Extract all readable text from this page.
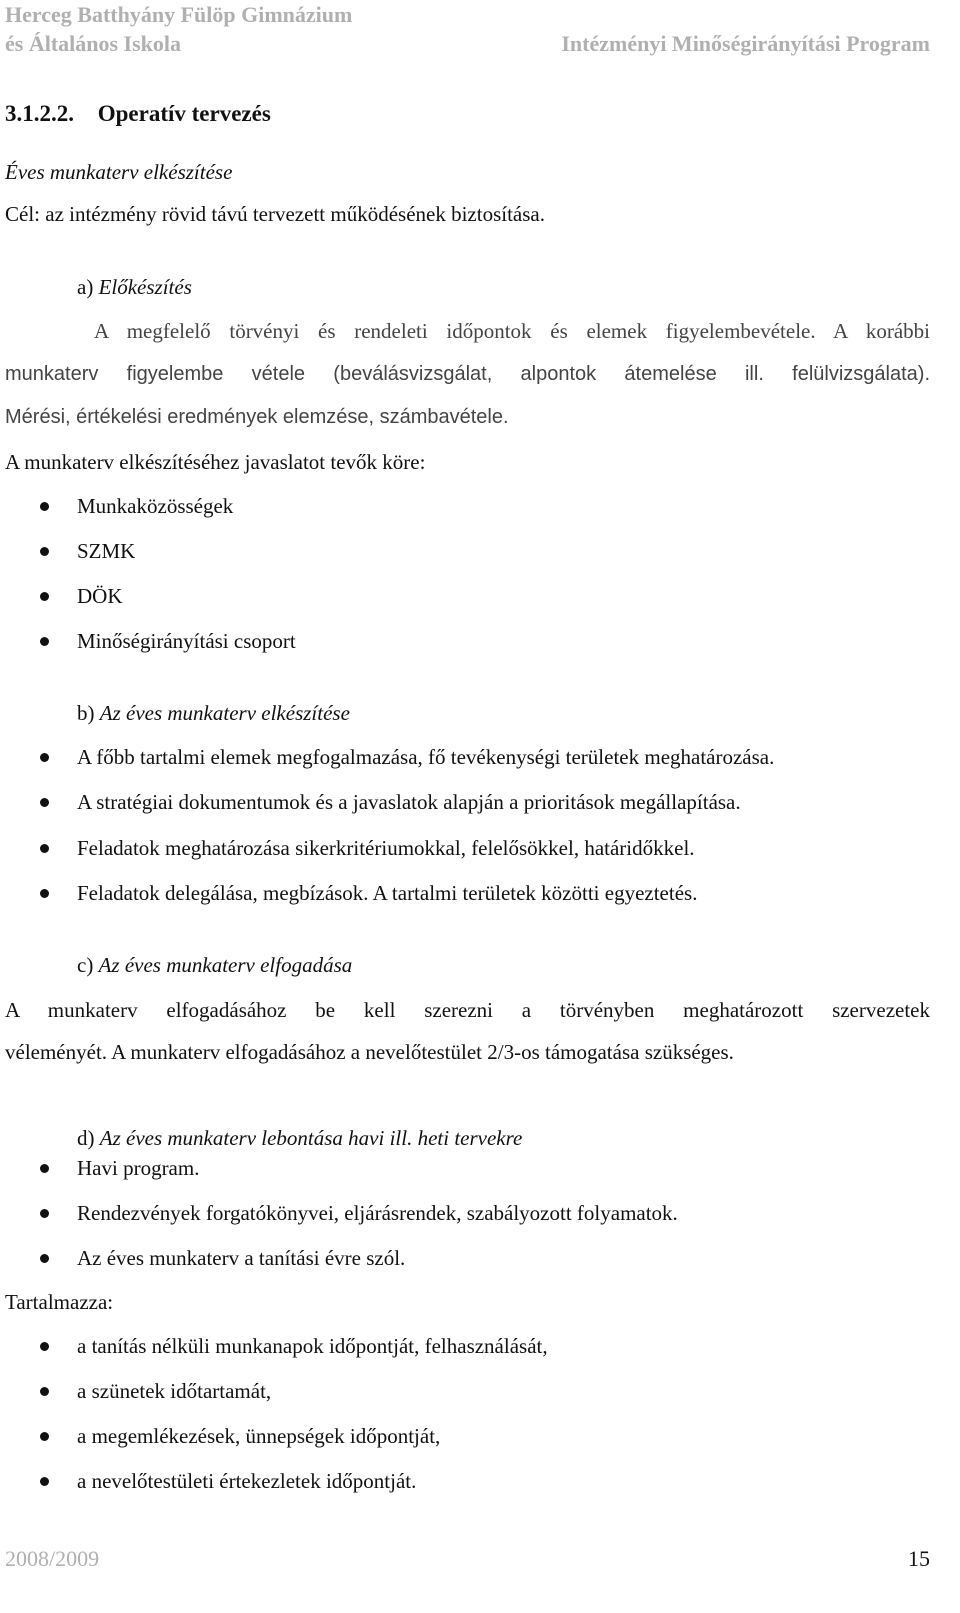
Herceg Batthyány Fülöp Gimnázium
és Általános Iskola	Intézményi Minőségirányítási Program
3.1.2.2. Operatív tervezés
Éves munkaterv elkészítése
Cél: az intézmény rövid távú tervezett működésének biztosítása.
a) Előkészítés
A megfelelő törvényi és rendeleti időpontok és elemek figyelembevétele. A korábbi
munkaterv figyelembe vétele (beválásvizsgálat, alpontok átemelése ill. felülvizsgálata).
Mérési, értékelési eredmények elemzése, számbavétele.
A munkaterv elkészítéséhez javaslatot tevők köre:
Munkaközösségek
SZMK
DÖK
Minőségirányítási csoport
b) Az éves munkaterv elkészítése
A főbb tartalmi elemek megfogalmazása, fő tevékenységi területek meghatározása.
A stratégiai dokumentumok és a javaslatok alapján a prioritások megállapítása.
Feladatok meghatározása sikerkritériumokkal, felelősökkel, határidőkkel.
Feladatok delegálása, megbízások. A tartalmi területek közötti egyeztetés.
c) Az éves munkaterv elfogadása
A munkaterv elfogadásához be kell szerezni a törvényben meghatározott szervezetek
véleményét. A munkaterv elfogadásához a nevelőtestület 2/3-os támogatása szükséges.
d) Az éves munkaterv lebontása havi ill. heti tervekre
Havi program.
Rendezvények forgatókönyvei, eljárásrendek, szabályozott folyamatok.
Az éves munkaterv a tanítási évre szól.
Tartalmazza:
a tanítás nélküli munkanapok időpontját, felhasználását,
a szünetek időtartamát,
a megemlékezések, ünnepségek időpontját,
a nevelőtestületi értekezletek időpontját.
2008/2009	15
